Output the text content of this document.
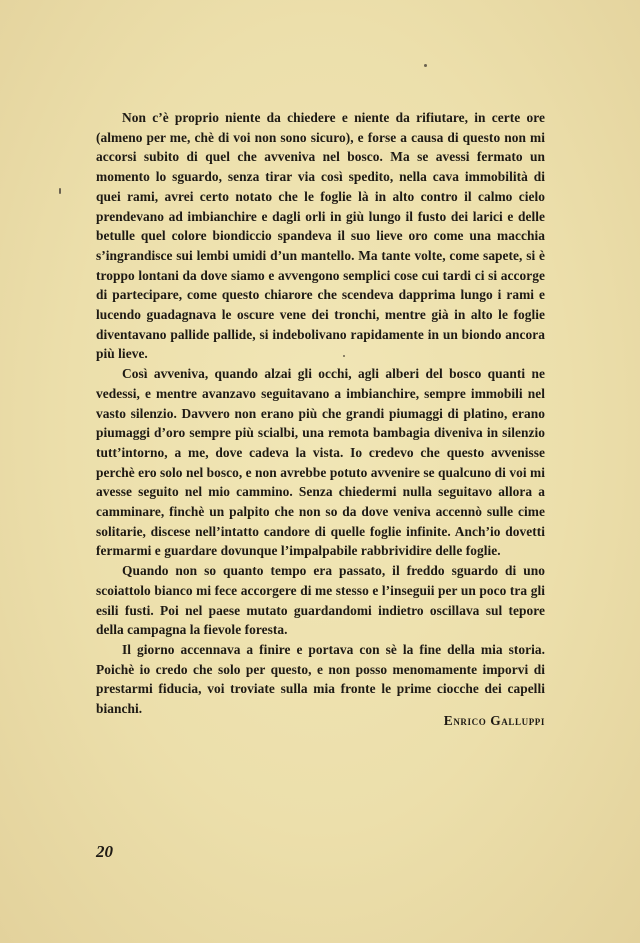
Non c’è proprio niente da chiedere e niente da rifiutare, in certe ore (almeno per me, chè di voi non sono sicuro), e forse a causa di questo non mi accorsi subito di quel che avveniva nel bosco. Ma se avessi fermato un momento lo sguardo, senza tirar via così spedito, nella cava immobilità di quei rami, avrei certo notato che le foglie là in alto contro il calmo cielo prendevano ad imbianchire e dagli orli in giù lungo il fusto dei larici e delle betulle quel colore biondiccio spandeva il suo lieve oro come una macchia s’ingrandisce sui lembi umidi d’un mantello. Ma tante volte, come sapete, si è troppo lontani da dove siamo e avvengono semplici cose cui tardi ci si accorge di partecipare, come questo chiarore che scendeva dapprima lungo i rami e lucendo guadagnava le oscure vene dei tronchi, mentre già in alto le foglie diventavano pallide pallide, si indebolivano rapidamente in un biondo ancora più lieve.

Così avveniva, quando alzai gli occhi, agli alberi del bosco quanti ne vedessi, e mentre avanzavo seguitavano a imbianchire, sempre immobili nel vasto silenzio. Davvero non erano più che grandi piumaggi di platino, erano piumaggi d’oro sempre più scialbi, una remota bambagia diveniva in silenzio tutt’intorno, a me, dove cadeva la vista. Io credevo che questo avvenisse perchè ero solo nel bosco, e non avrebbe potuto avvenire se qualcuno di voi mi avesse seguito nel mio cammino. Senza chiedermi nulla seguitavo allora a camminare, finchè un palpito che non so da dove veniva accennò sulle cime solitarie, discese nell’intatto candore di quelle foglie infinite. Anch’io dovetti fermarmi e guardare dovunque l’impalpabile rabbrividire delle foglie.

Quando non so quanto tempo era passato, il freddo sguardo di uno scoiattolo bianco mi fece accorgere di me stesso e l’inseguii per un poco tra gli esili fusti. Poi nel paese mutato guardandomi indietro oscillava sul tepore della campagna la fievole foresta.

Il giorno accennava a finire e portava con sè la fine della mia storia. Poichè io credo che solo per questo, e non posso menomamente imporvi di prestarmi fiducia, voi troviate sulla mia fronte le prime ciocche dei capelli bianchi.

Enrico Galluppi
20
